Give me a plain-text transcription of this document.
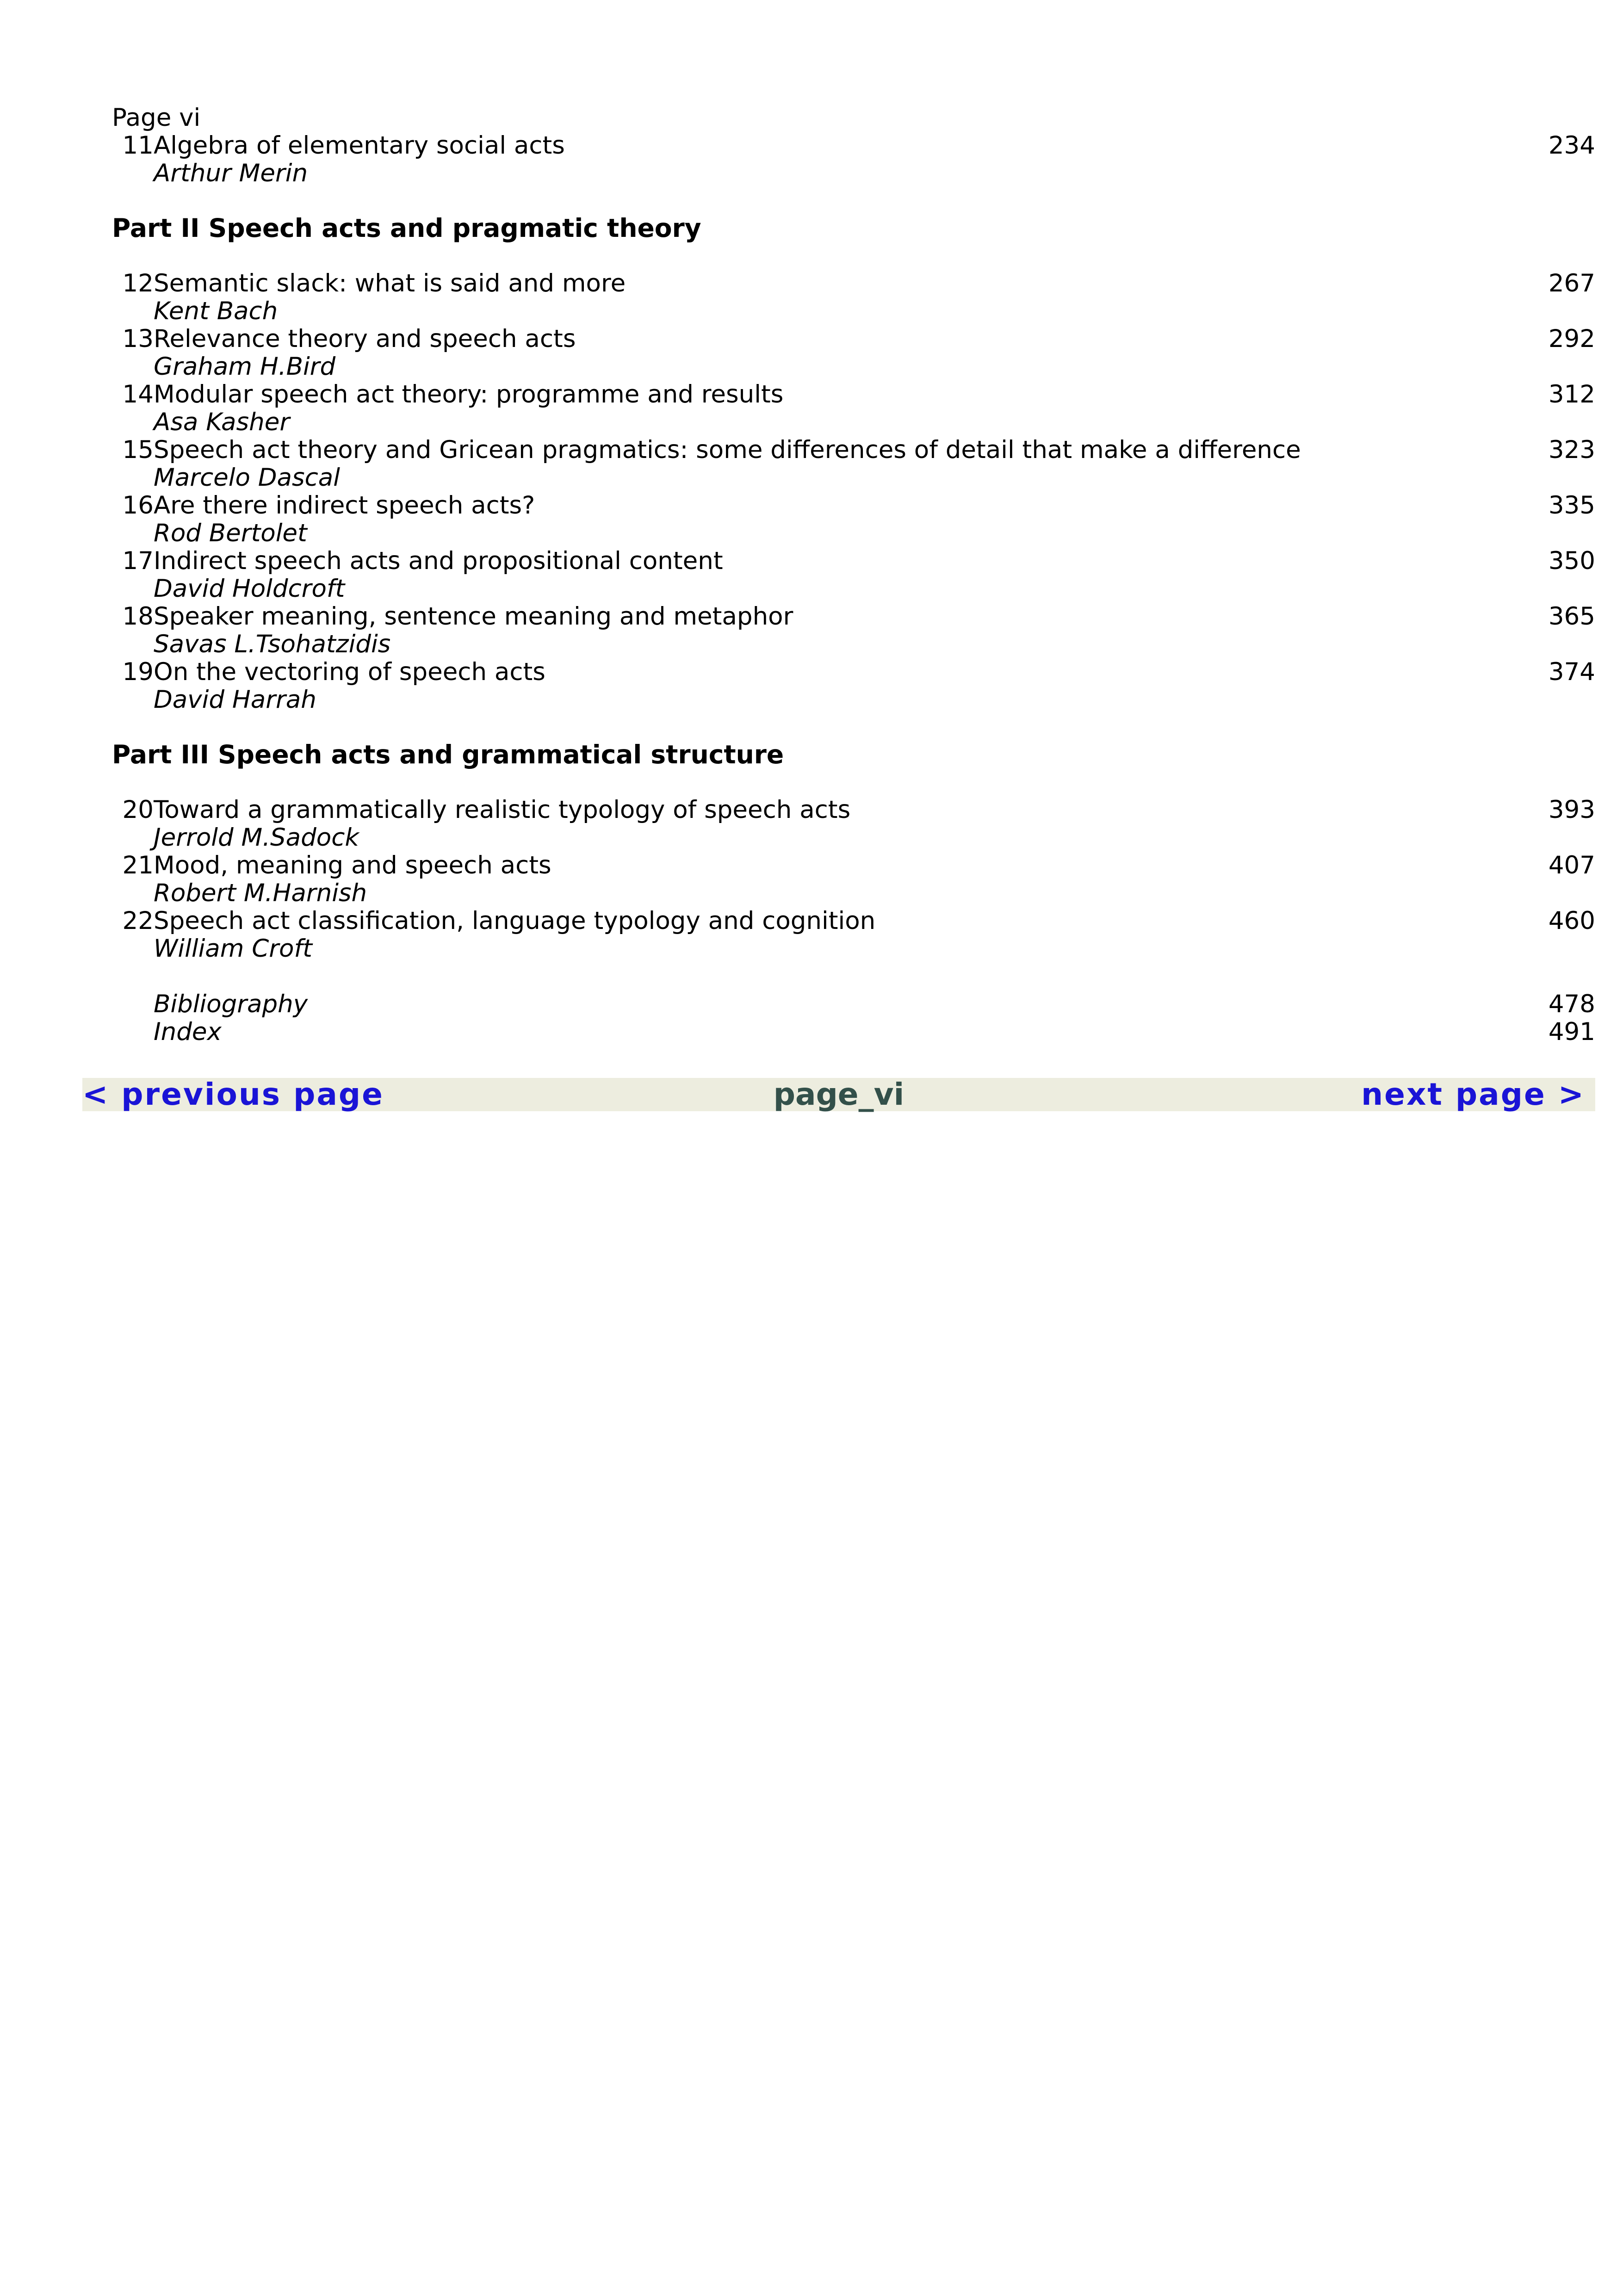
Page vi
11	Algebra of elementary social acts	234
	Arthur Merin	
Part II Speech acts and pragmatic theory
12	Semantic slack: what is said and more	267
	Kent Bach	
13	Relevance theory and speech acts	292
	Graham H.Bird	
14	Modular speech act theory: programme and results	312
	Asa Kasher	
15	Speech act theory and Gricean pragmatics: some differences of detail that make a difference	323
	Marcelo Dascal	
16	Are there indirect speech acts?	335
	Rod Bertolet	
17	Indirect speech acts and propositional content	350
	David Holdcroft	
18	Speaker meaning, sentence meaning and metaphor	365
	Savas L.Tsohatzidis	
19	On the vectoring of speech acts	374
	David Harrah	
Part III Speech acts and grammatical structure
20	Toward a grammatically realistic typology of speech acts	393
	Jerrold M.Sadock	
21	Mood, meaning and speech acts	407
	Robert M.Harnish	
22	Speech act classification, language typology and cognition	460
	William Croft	
	Bibliography	478
	Index	491
< previous page	page_vi	next page >
